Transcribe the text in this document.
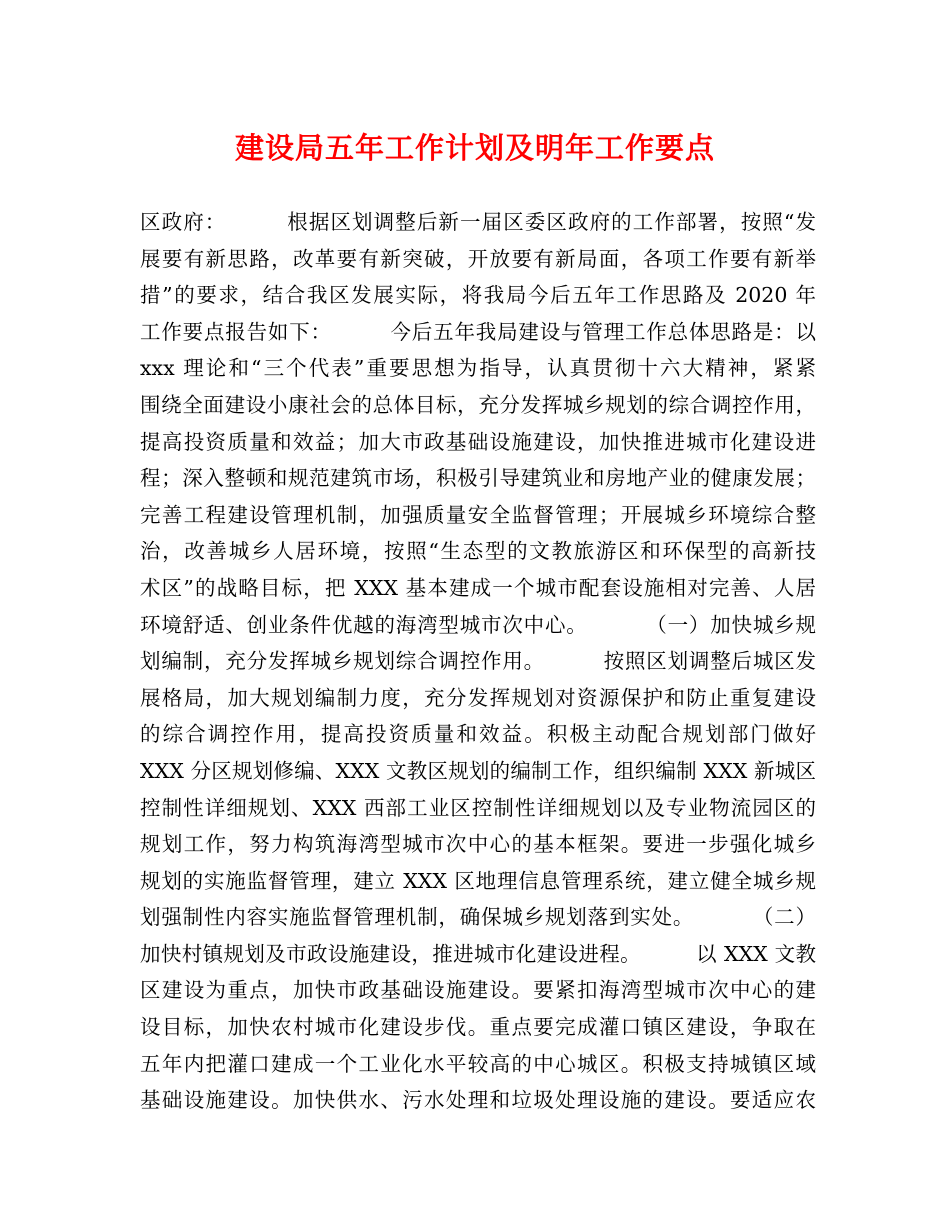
建设局五年工作计划及明年工作要点
区政府：        根据区划调整后新一届区委区政府的工作部署，按照“发
展要有新思路，改革要有新突破，开放要有新局面，各项工作要有新举
措”的要求，结合我区发展实际，将我局今后五年工作思路及 2020 年
工作要点报告如下：        今后五年我局建设与管理工作总体思路是：以
xxx 理论和“三个代表”重要思想为指导，认真贯彻十六大精神，紧紧
围绕全面建设小康社会的总体目标，充分发挥城乡规划的综合调控作用，
提高投资质量和效益；加大市政基础设施建设，加快推进城市化建设进
程；深入整顿和规范建筑市场，积极引导建筑业和房地产业的健康发展；
完善工程建设管理机制，加强质量安全监督管理；开展城乡环境综合整
治，改善城乡人居环境，按照“生态型的文教旅游区和环保型的高新技
术区”的战略目标，把 XXX 基本建成一个城市配套设施相对完善、人居
环境舒适、创业条件优越的海湾型城市次中心。        （一）加快城乡规
划编制，充分发挥城乡规划综合调控作用。        按照区划调整后城区发
展格局，加大规划编制力度，充分发挥规划对资源保护和防止重复建设
的综合调控作用，提高投资质量和效益。积极主动配合规划部门做好
XXX 分区规划修编、XXX 文教区规划的编制工作，组织编制 XXX 新城区
控制性详细规划、XXX 西部工业区控制性详细规划以及专业物流园区的
规划工作，努力构筑海湾型城市次中心的基本框架。要进一步强化城乡
规划的实施监督管理，建立 XXX 区地理信息管理系统，建立健全城乡规
划强制性内容实施监督管理机制，确保城乡规划落到实处。        （二）
加快村镇规划及市政设施建设，推进城市化建设进程。        以 XXX 文教
区建设为重点，加快市政基础设施建设。要紧扣海湾型城市次中心的建
设目标，加快农村城市化建设步伐。重点要完成灌口镇区建设，争取在
五年内把灌口建成一个工业化水平较高的中心城区。积极支持城镇区域
基础设施建设。加快供水、污水处理和垃圾处理设施的建设。要适应农
